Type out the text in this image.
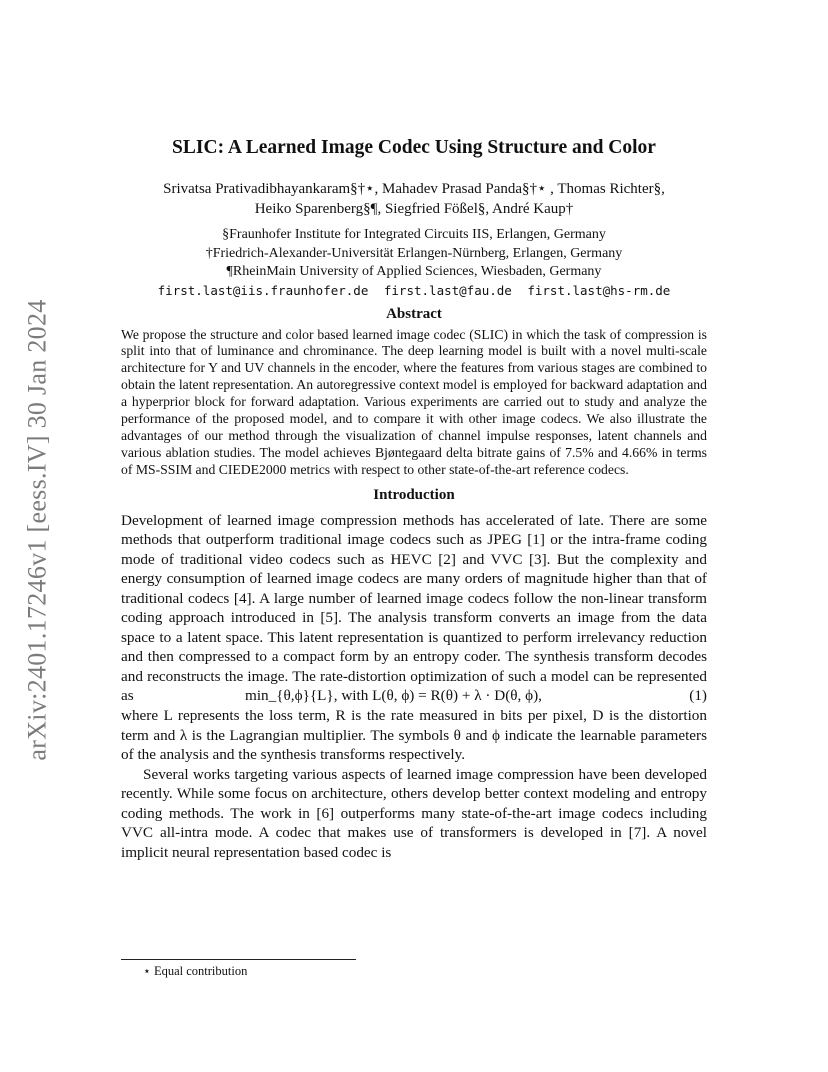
arXiv:2401.17246v1 [eess.IV] 30 Jan 2024
SLIC: A Learned Image Codec Using Structure and Color
Srivatsa Prativadibhayankaram§†⋆, Mahadev Prasad Panda§†⋆ , Thomas Richter§,
Heiko Sparenberg§¶, Siegfried Fößel§, André Kaup†
§Fraunhofer Institute for Integrated Circuits IIS, Erlangen, Germany
†Friedrich-Alexander-Universität Erlangen-Nürnberg, Erlangen, Germany
¶RheinMain University of Applied Sciences, Wiesbaden, Germany
first.last@iis.fraunhofer.de first.last@fau.de first.last@hs-rm.de
Abstract

We propose the structure and color based learned image codec (SLIC) in which the task of compression is split into that of luminance and chrominance. The deep learning model is built with a novel multi-scale architecture for Y and UV channels in the encoder, where the features from various stages are combined to obtain the latent representation. An autoregressive context model is employed for backward adaptation and a hyperprior block for forward adaptation. Various experiments are carried out to study and analyze the performance of the proposed model, and to compare it with other image codecs. We also illustrate the advantages of our method through the visualization of channel impulse responses, latent channels and various ablation studies. The model achieves Bjøntegaard delta bitrate gains of 7.5% and 4.66% in terms of MS-SSIM and CIEDE2000 metrics with respect to other state-of-the-art reference codecs.

Introduction

Development of learned image compression methods has accelerated of late. There are some methods that outperform traditional image codecs such as JPEG [1] or the intra-frame coding mode of traditional video codecs such as HEVC [2] and VVC [3]. But the complexity and energy consumption of learned image codecs are many orders of magnitude higher than that of traditional codecs [4]. A large number of learned image codecs follow the non-linear transform coding approach introduced in [5]. The analysis transform converts an image from the data space to a latent space. This latent representation is quantized to perform irrelevancy reduction and then compressed to a compact form by an entropy coder. The synthesis transform decodes and reconstructs the image. The rate-distortion optimization of such a model can be represented as	min_{θ,ϕ}{L}, with L(θ, ϕ) = R(θ) + λ · D(θ, ϕ),	(1)

where L represents the loss term, R is the rate measured in bits per pixel, D is the distortion term and λ is the Lagrangian multiplier. The symbols θ and ϕ indicate the learnable parameters of the analysis and the synthesis transforms respectively.

Several works targeting various aspects of learned image compression have been developed recently. While some focus on architecture, others develop better context modeling and entropy coding methods. The work in [6] outperforms many state-of-the-art image codecs including VVC all-intra mode. A codec that makes use of transformers is developed in [7]. A novel implicit neural representation based codec is

⋆ Equal contribution
